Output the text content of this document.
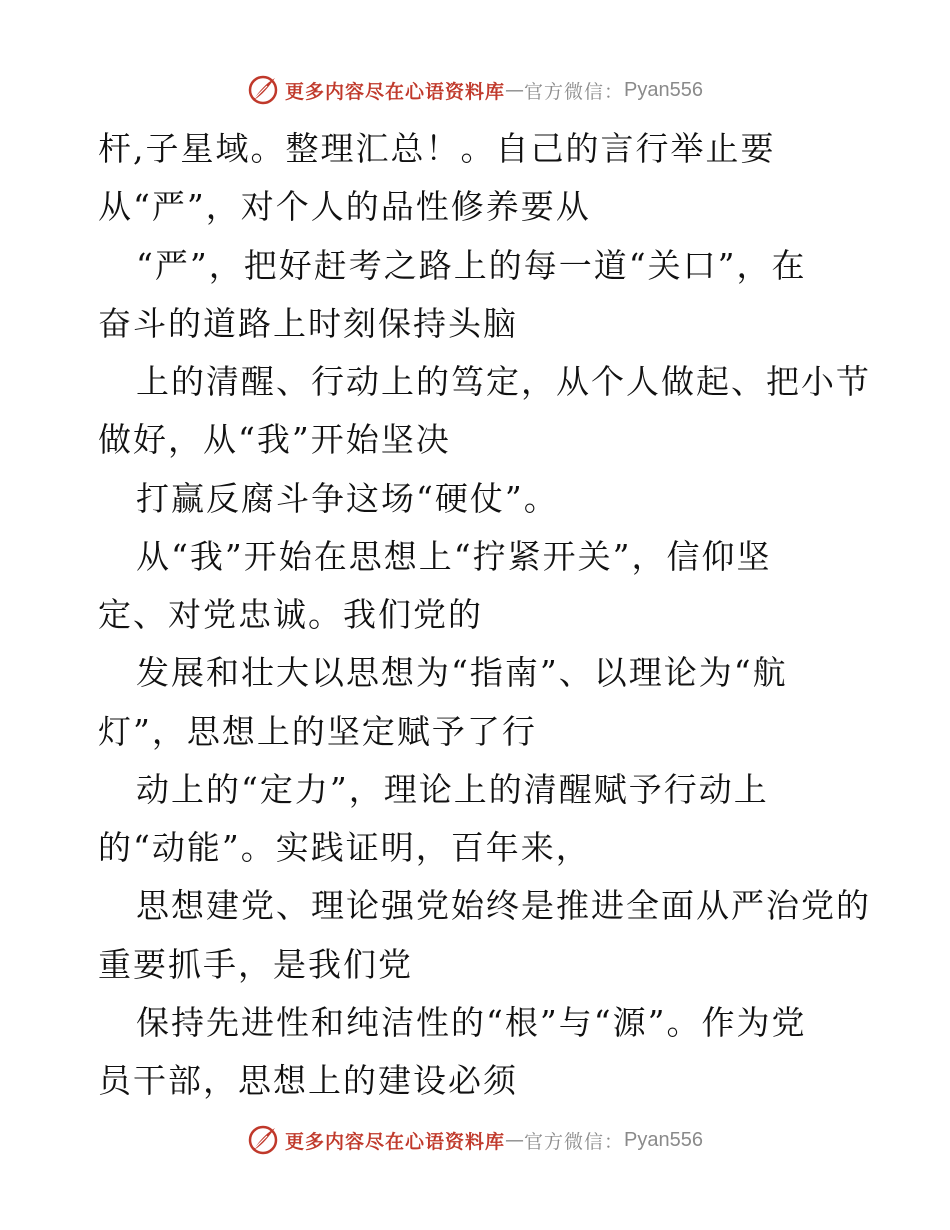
更多内容尽在心语资料库 — 官方微信： Pyan556
杆,子星域。整理汇总！。自己的言行举止要
从“严”，对个人的品性修养要从
“严”，把好赶考之路上的每一道“关口”，在
奋斗的道路上时刻保持头脑
上的清醒、行动上的笃定，从个人做起、把小节
做好，从“我”开始坚决
打赢反腐斗争这场“硬仗”。
从“我”开始在思想上“拧紧开关”，信仰坚
定、对党忠诚。我们党的
发展和壮大以思想为“指南”、以理论为“航
灯”，思想上的坚定赋予了行
动上的“定力”，理论上的清醒赋予行动上
的“动能”。实践证明，百年来，
思想建党、理论强党始终是推进全面从严治党的
重要抓手，是我们党
保持先进性和纯洁性的“根”与“源”。作为党
员干部，思想上的建设必须
更多内容尽在心语资料库 — 官方微信： Pyan556
